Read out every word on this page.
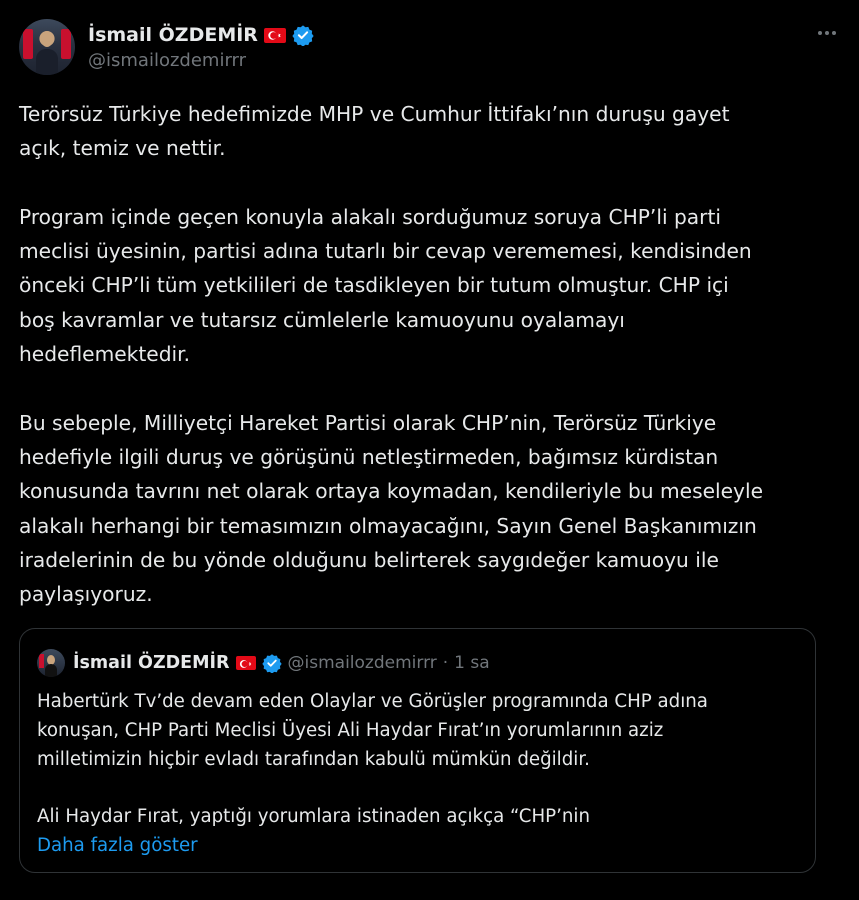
İsmail ÖZDEMİR
@ismailozdemirrr

Terörsüz Türkiye hedefimizde MHP ve Cumhur İttifakı’nın duruşu gayet

açık, temiz ve nettir.

Program içinde geçen konuyla alakalı sorduğumuz soruya CHP’li parti

meclisi üyesinin, partisi adına tutarlı bir cevap verememesi, kendisinden

önceki CHP’li tüm yetkilileri de tasdikleyen bir tutum olmuştur. CHP içi

boş kavramlar ve tutarsız cümlelerle kamuoyunu oyalamayı

hedeflemektedir.

Bu sebeple, Milliyetçi Hareket Partisi olarak CHP’nin, Terörsüz Türkiye

hedefiyle ilgili duruş ve görüşünü netleştirmeden, bağımsız kürdistan

konusunda tavrını net olarak ortaya koymadan, kendileriyle bu meseleyle

alakalı herhangi bir temasımızın olmayacağını, Sayın Genel Başkanımızın

iradelerinin de bu yönde olduğunu belirterek saygıdeğer kamuoyu ile

paylaşıyoruz.

İsmail ÖZDEMİR	@ismailozdemirrr · 1 sa

Habertürk Tv’de devam eden Olaylar ve Görüşler programında CHP adına

konuşan, CHP Parti Meclisi Üyesi Ali Haydar Fırat’ın yorumlarının aziz

milletimizin hiçbir evladı tarafından kabulü mümkün değildir.

Ali Haydar Fırat, yaptığı yorumlara istinaden açıkça “CHP’nin

Daha fazla göster
